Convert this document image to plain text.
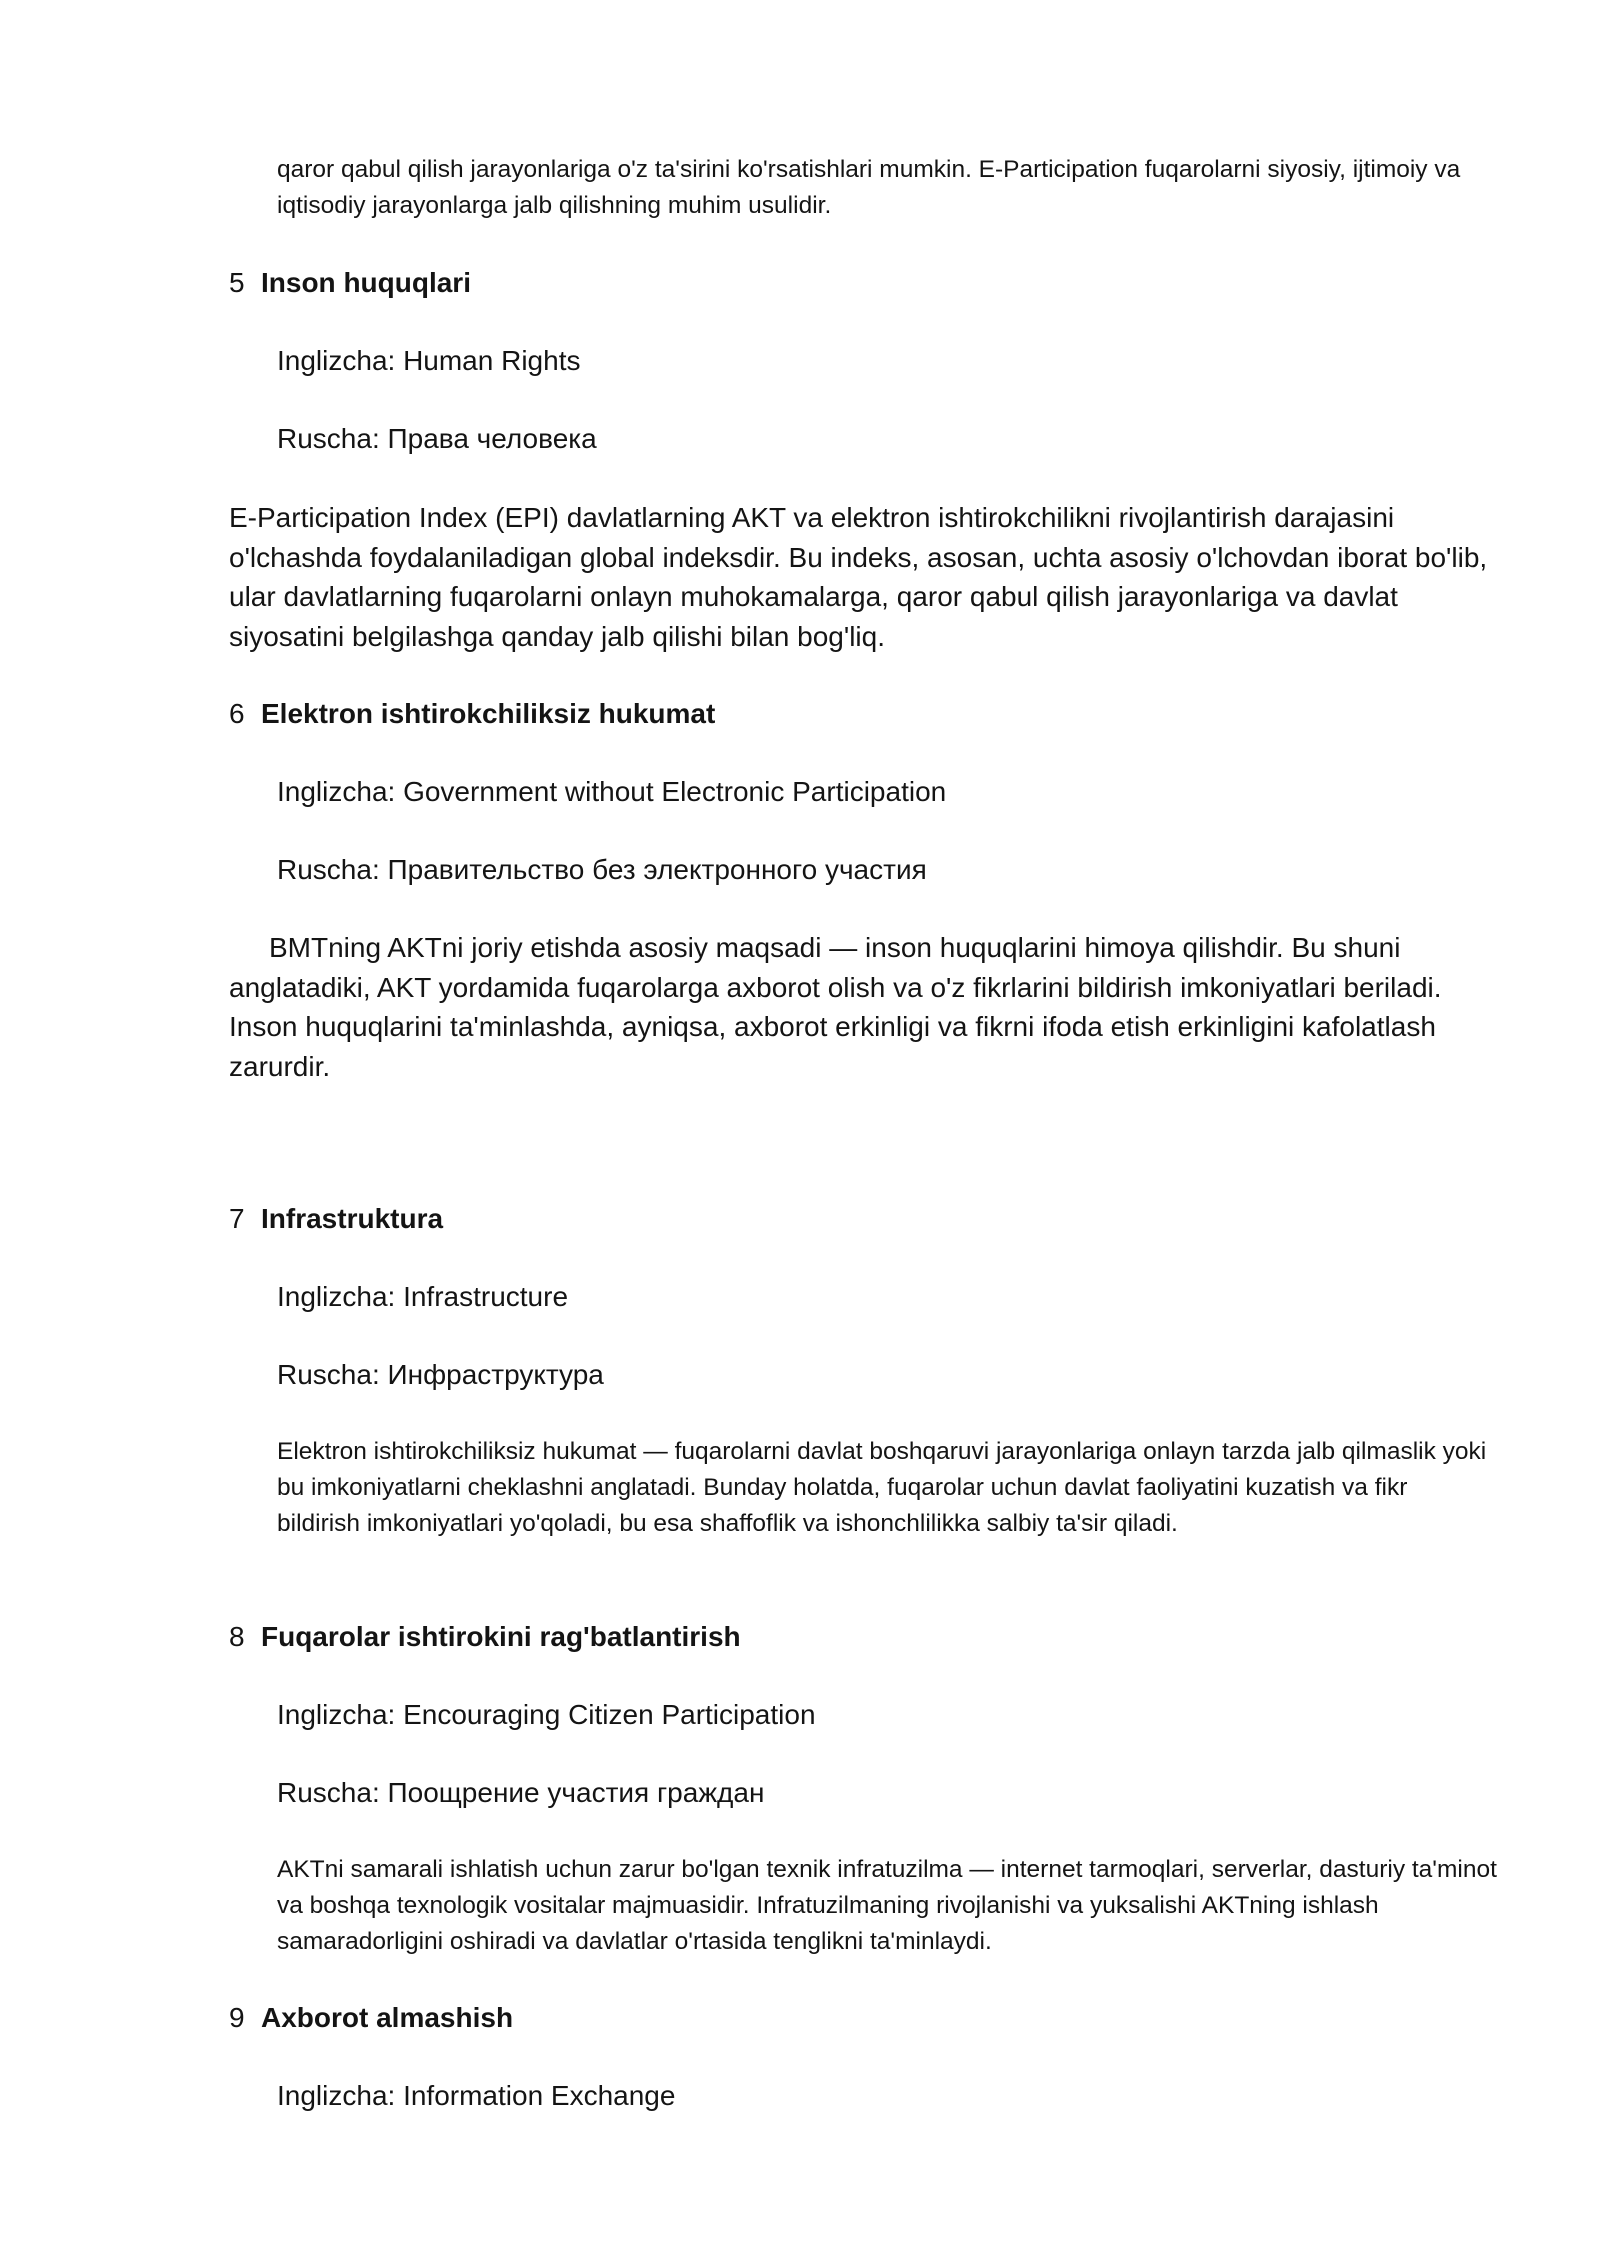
qaror qabul qilish jarayonlariga o'z ta'sirini ko'rsatishlari mumkin. E-Participation fuqarolarni siyosiy, ijtimoiy va iqtisodiy jarayonlarga jalb qilishning muhim usulidir.

5 Inson huquqlari
Inglizcha: Human Rights
Ruscha: Права человека

E-Participation Index (EPI) davlatlarning AKT va elektron ishtirokchilikni rivojlantirish darajasini o'lchashda foydalaniladigan global indeksdir. Bu indeks, asosan, uchta asosiy o'lchovdan iborat bo'lib, ular davlatlarning fuqarolarni onlayn muhokamalarga, qaror qabul qilish jarayonlariga va davlat siyosatini belgilashga qanday jalb qilishi bilan bog'liq.

6 Elektron ishtirokchiliksiz hukumat
Inglizcha: Government without Electronic Participation
Ruscha: Правительство без электронного участия

BMTning AKTni joriy etishda asosiy maqsadi — inson huquqlarini himoya qilishdir. Bu shuni anglatadiki, AKT yordamida fuqarolarga axborot olish va o'z fikrlarini bildirish imkoniyatlari beriladi. Inson huquqlarini ta'minlashda, ayniqsa, axborot erkinligi va fikrni ifoda etish erkinligini kafolatlash zarurdir.

7 Infrastruktura
Inglizcha: Infrastructure
Ruscha: Инфраструктура

Elektron ishtirokchiliksiz hukumat — fuqarolarni davlat boshqaruvi jarayonlariga onlayn tarzda jalb qilmaslik yoki bu imkoniyatlarni cheklashni anglatadi. Bunday holatda, fuqarolar uchun davlat faoliyatini kuzatish va fikr bildirish imkoniyatlari yo'qoladi, bu esa shaffoflik va ishonchlilikka salbiy ta'sir qiladi.

8 Fuqarolar ishtirokini rag'batlantirish
Inglizcha: Encouraging Citizen Participation
Ruscha: Поощрение участия граждан

AKTni samarali ishlatish uchun zarur bo'lgan texnik infratuzilma — internet tarmoqlari, serverlar, dasturiy ta'minot va boshqa texnologik vositalar majmuasidir. Infratuzilmaning rivojlanishi va yuksalishi AKTning ishlash samaradorligini oshiradi va davlatlar o'rtasida tenglikni ta'minlaydi.

9 Axborot almashish
Inglizcha: Information Exchange
